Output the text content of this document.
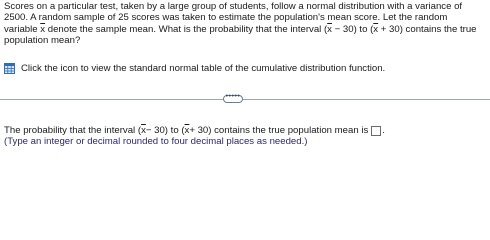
Scores on a particular test, taken by a large group of students, follow a normal distribution with a variance of

2500. A random sample of 25 scores was taken to estimate the population's mean score. Let the random

variable $\overline{x}$ denote the sample mean. What is the probability that the interval $(\overline{x} - 30)$ to $(\overline{x} + 30)$ contains the true

population mean?

Click the icon to view the standard normal table of the cumulative distribution function.
•••••
The probability that the interval ( $\overline{x} - 30$) to ( $\overline{x} + 30$) contains the true population mean is .
(Type an integer or decimal rounded to four decimal places as needed.)
